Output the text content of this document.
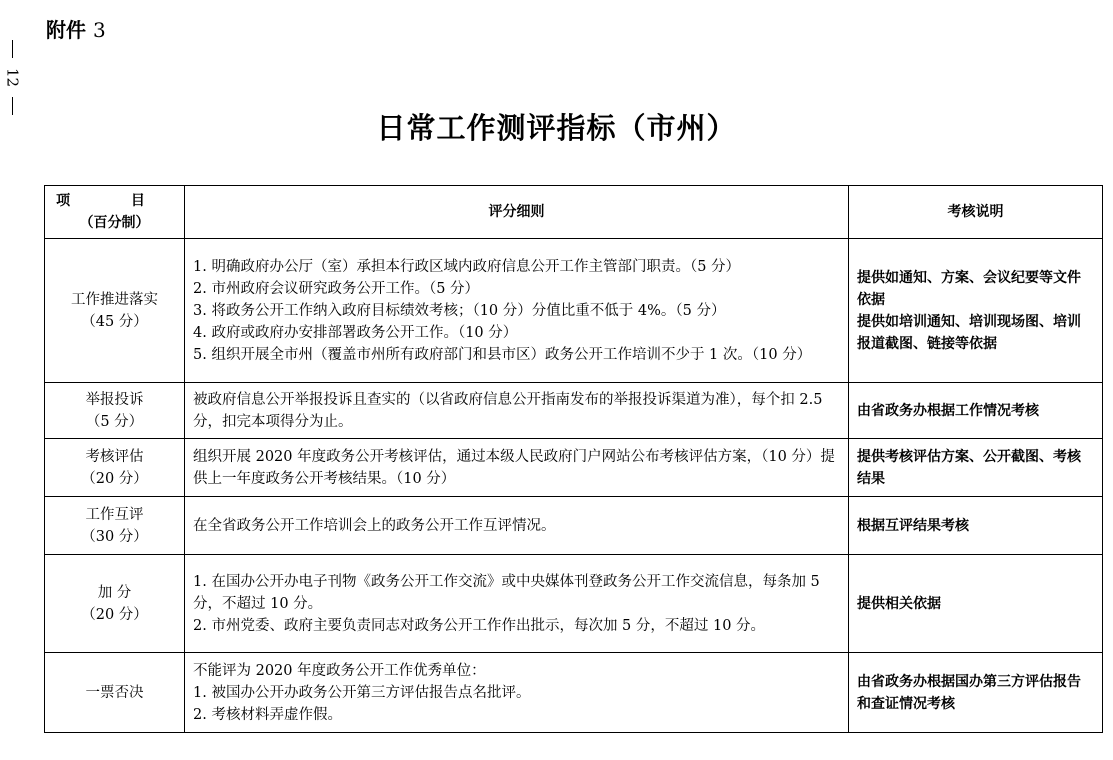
附件 3
12
日常工作测评指标（市州）
项 目
（百分制）	评分细则	考核说明

工作推进落实
（45 分）	1. 明确政府办公厅（室）承担本行政区域内政府信息公开工作主管部门职责。（5 分）
2. 市州政府会议研究政务公开工作。（5 分）
3. 将政务公开工作纳入政府目标绩效考核；（10 分）分值比重不低于 4%。（5 分）
4. 政府或政府办安排部署政务公开工作。（10 分）
5. 组织开展全市州（覆盖市州所有政府部门和县市区）政务公开工作培训不少于 1 次。（10 分）	提供如通知、方案、会议纪要等文件依据
提供如培训通知、培训现场图、培训报道截图、链接等依据

举报投诉
（5 分）	被政府信息公开举报投诉且查实的（以省政府信息公开指南发布的举报投诉渠道为准），每个扣 2.5 分，扣完本项得分为止。	由省政务办根据工作情况考核

考核评估
（20 分）	组织开展 2020 年度政务公开考核评估，通过本级人民政府门户网站公布考核评估方案，（10 分）提供上一年度政务公开考核结果。（10 分）	提供考核评估方案、公开截图、考核结果

工作互评
（30 分）	在全省政务公开工作培训会上的政务公开工作互评情况。	根据互评结果考核

加 分
（20 分）	1. 在国办公开办电子刊物《政务公开工作交流》或中央媒体刊登政务公开工作交流信息，每条加 5 分，不超过 10 分。
2. 市州党委、政府主要负责同志对政务公开工作作出批示，每次加 5 分，不超过 10 分。	提供相关依据

一票否决	不能评为 2020 年度政务公开工作优秀单位：
1. 被国办公开办政务公开第三方评估报告点名批评。
2. 考核材料弄虚作假。	由省政务办根据国办第三方评估报告和查证情况考核
